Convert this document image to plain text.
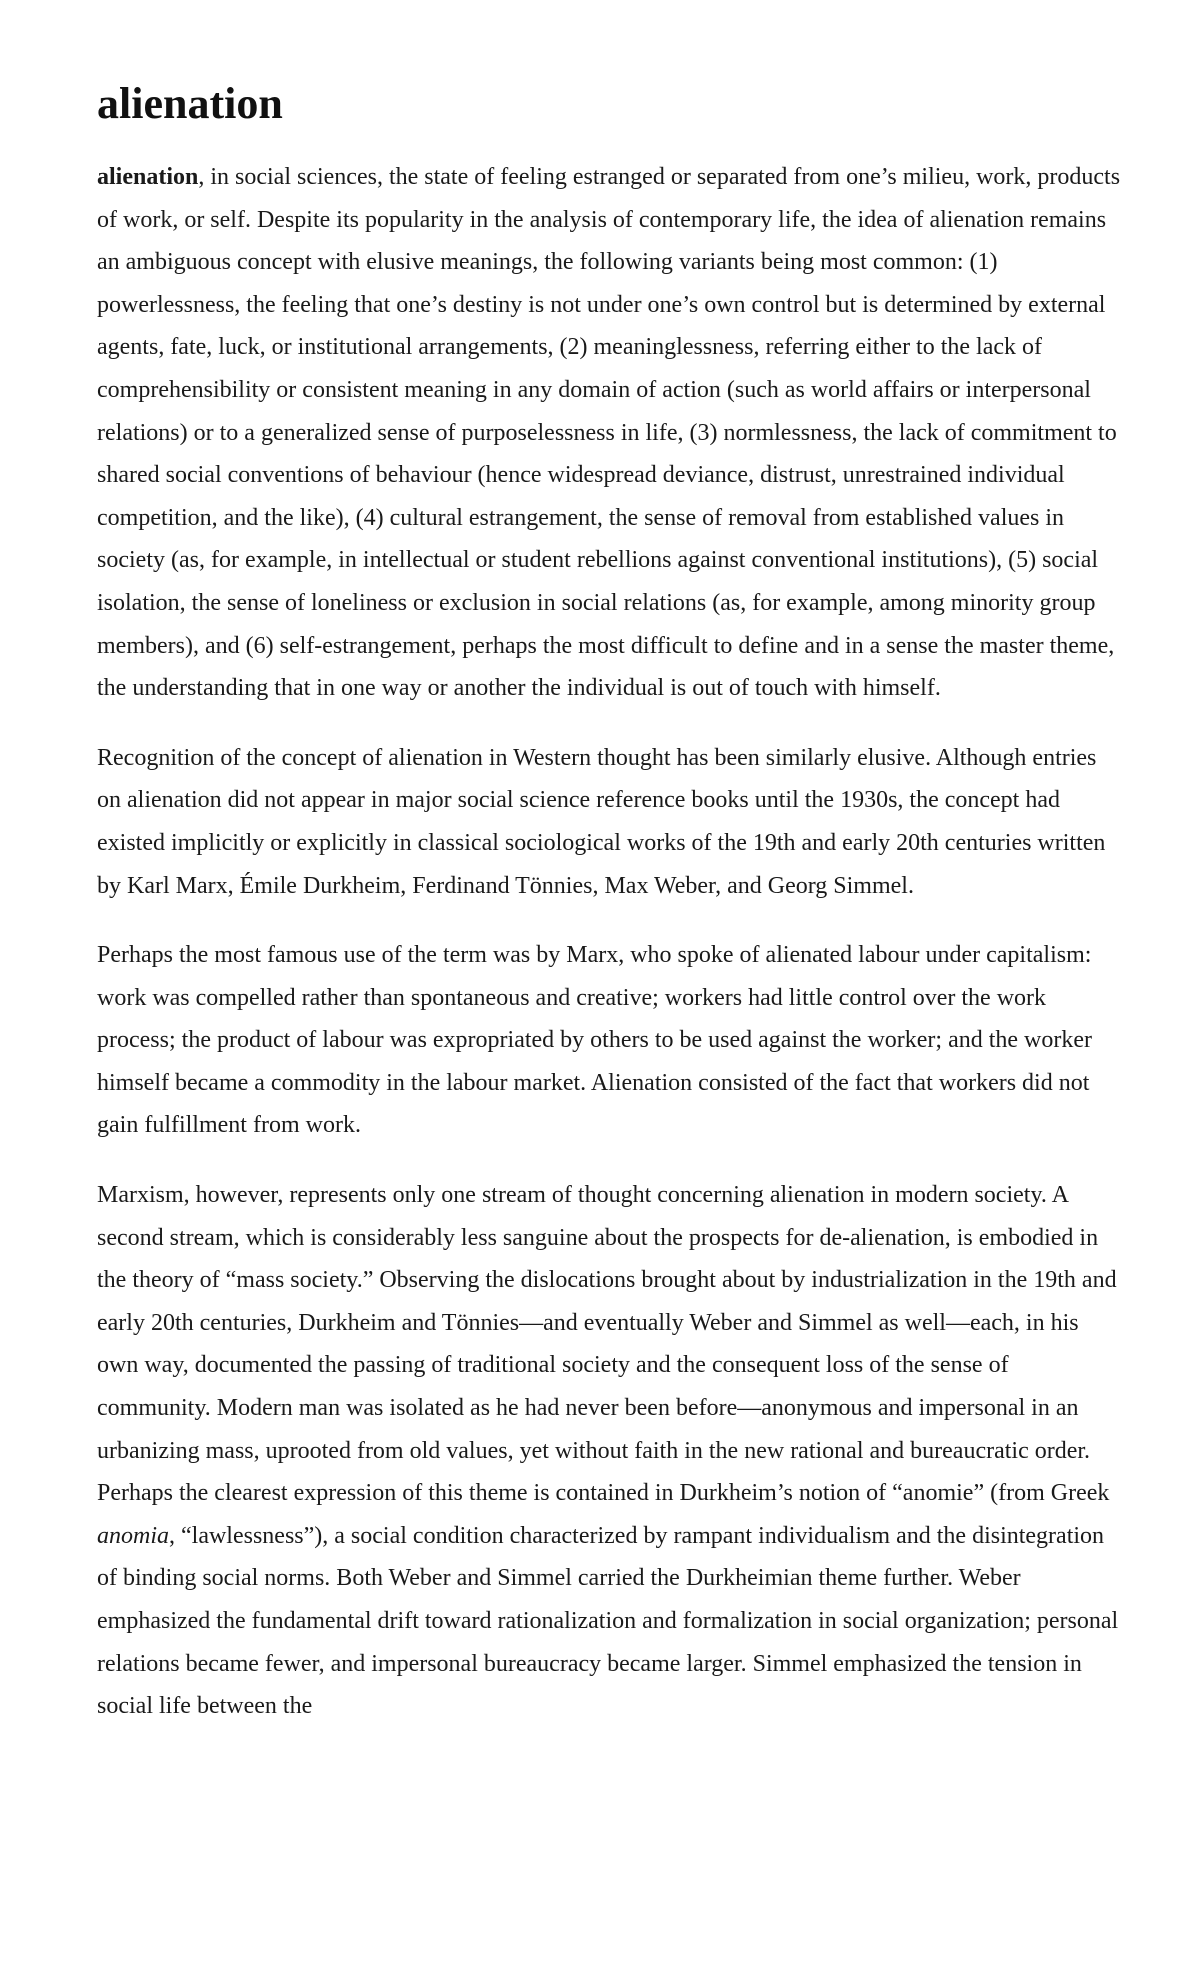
alienation

alienation, in social sciences, the state of feeling estranged or separated from one’s milieu, work, products of work, or self. Despite its popularity in the analysis of contemporary life, the idea of alienation remains an ambiguous concept with elusive meanings, the following variants being most common: (1) powerlessness, the feeling that one’s destiny is not under one’s own control but is determined by external agents, fate, luck, or institutional arrangements, (2) meaninglessness, referring either to the lack of comprehensibility or consistent meaning in any domain of action (such as world affairs or interpersonal relations) or to a generalized sense of purposelessness in life, (3) normlessness, the lack of commitment to shared social conventions of behaviour (hence widespread deviance, distrust, unrestrained individual competition, and the like), (4) cultural estrangement, the sense of removal from established values in society (as, for example, in intellectual or student rebellions against conventional institutions), (5) social isolation, the sense of loneliness or exclusion in social relations (as, for example, among minority group members), and (6) self-estrangement, perhaps the most difficult to define and in a sense the master theme, the understanding that in one way or another the individual is out of touch with himself.

Recognition of the concept of alienation in Western thought has been similarly elusive. Although entries on alienation did not appear in major social science reference books until the 1930s, the concept had existed implicitly or explicitly in classical sociological works of the 19th and early 20th centuries written by Karl Marx, Émile Durkheim, Ferdinand Tönnies, Max Weber, and Georg Simmel.

Perhaps the most famous use of the term was by Marx, who spoke of alienated labour under capitalism: work was compelled rather than spontaneous and creative; workers had little control over the work process; the product of labour was expropriated by others to be used against the worker; and the worker himself became a commodity in the labour market. Alienation consisted of the fact that workers did not gain fulfillment from work.

Marxism, however, represents only one stream of thought concerning alienation in modern society. A second stream, which is considerably less sanguine about the prospects for de-alienation, is embodied in the theory of “mass society.” Observing the dislocations brought about by industrialization in the 19th and early 20th centuries, Durkheim and Tönnies—and eventually Weber and Simmel as well—each, in his own way, documented the passing of traditional society and the consequent loss of the sense of community. Modern man was isolated as he had never been before—anonymous and impersonal in an urbanizing mass, uprooted from old values, yet without faith in the new rational and bureaucratic order. Perhaps the clearest expression of this theme is contained in Durkheim’s notion of “anomie” (from Greek anomia, “lawlessness”), a social condition characterized by rampant individualism and the disintegration of binding social norms. Both Weber and Simmel carried the Durkheimian theme further. Weber emphasized the fundamental drift toward rationalization and formalization in social organization; personal relations became fewer, and impersonal bureaucracy became larger. Simmel emphasized the tension in social life between the
